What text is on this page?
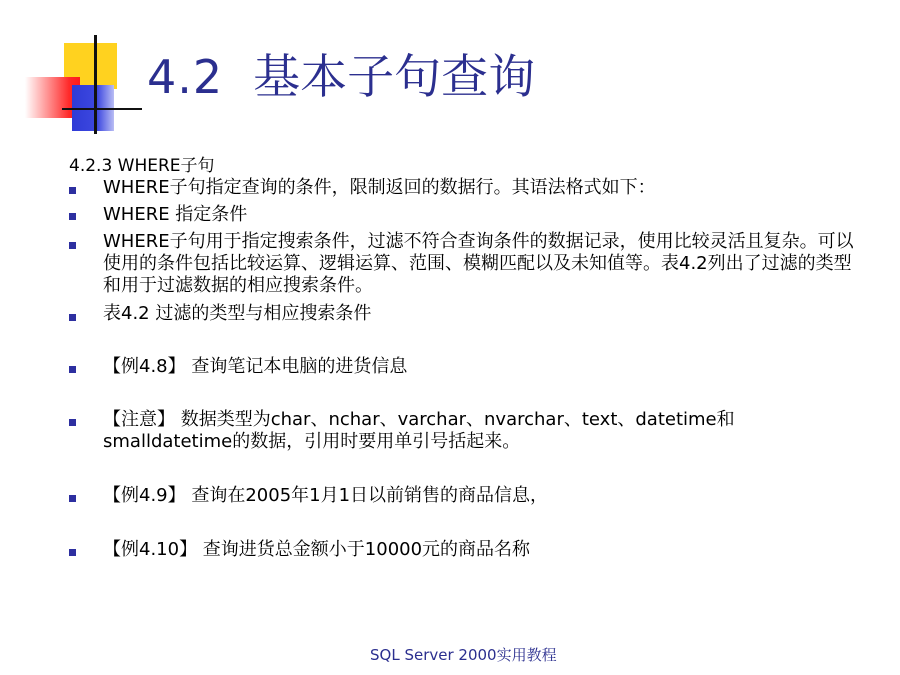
4.2 基本子句查询
4.2.3 WHERE子句
WHERE子句指定查询的条件，限制返回的数据行。其语法格式如下：
WHERE 指定条件
WHERE子句用于指定搜索条件，过滤不符合查询条件的数据记录，使用比较灵活且复杂。可以使用的条件包括比较运算、逻辑运算、范围、模糊匹配以及未知值等。表4.2列出了过滤的类型和用于过滤数据的相应搜索条件。
表4.2 过滤的类型与相应搜索条件
【例4.8】 查询笔记本电脑的进货信息
【注意】 数据类型为char、nchar、varchar、nvarchar、text、datetime和smalldatetime的数据，引用时要用单引号括起来。
【例4.9】 查询在2005年1月1日以前销售的商品信息，
【例4.10】 查询进货总金额小于10000元的商品名称
SQL Server 2000实用教程
